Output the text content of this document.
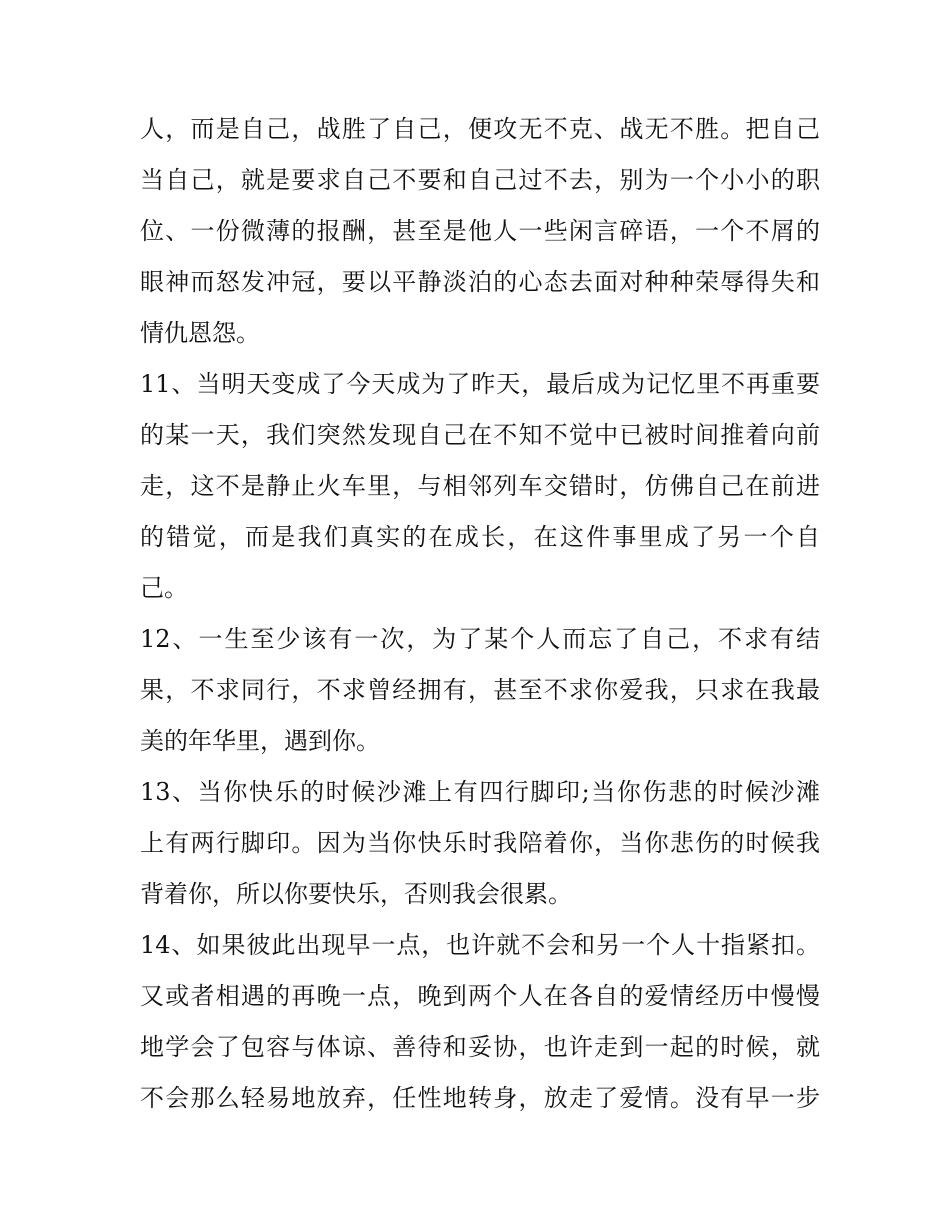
人，而是自己，战胜了自己，便攻无不克、战无不胜。把自己
当自己，就是要求自己不要和自己过不去，别为一个小小的职
位、一份微薄的报酬，甚至是他人一些闲言碎语，一个不屑的
眼神而怒发冲冠，要以平静淡泊的心态去面对种种荣辱得失和
情仇恩怨。
11、当明天变成了今天成为了昨天，最后成为记忆里不再重要
的某一天，我们突然发现自己在不知不觉中已被时间推着向前
走，这不是静止火车里，与相邻列车交错时，仿佛自己在前进
的错觉，而是我们真实的在成长，在这件事里成了另一个自
己。
12、一生至少该有一次，为了某个人而忘了自己，不求有结
果，不求同行，不求曾经拥有，甚至不求你爱我，只求在我最
美的年华里，遇到你。
13、当你快乐的时候沙滩上有四行脚印;当你伤悲的时候沙滩
上有两行脚印。因为当你快乐时我陪着你，当你悲伤的时候我
背着你，所以你要快乐，否则我会很累。
14、如果彼此出现早一点，也许就不会和另一个人十指紧扣。
又或者相遇的再晚一点，晚到两个人在各自的爱情经历中慢慢
地学会了包容与体谅、善待和妥协，也许走到一起的时候，就
不会那么轻易地放弃，任性地转身，放走了爱情。没有早一步
